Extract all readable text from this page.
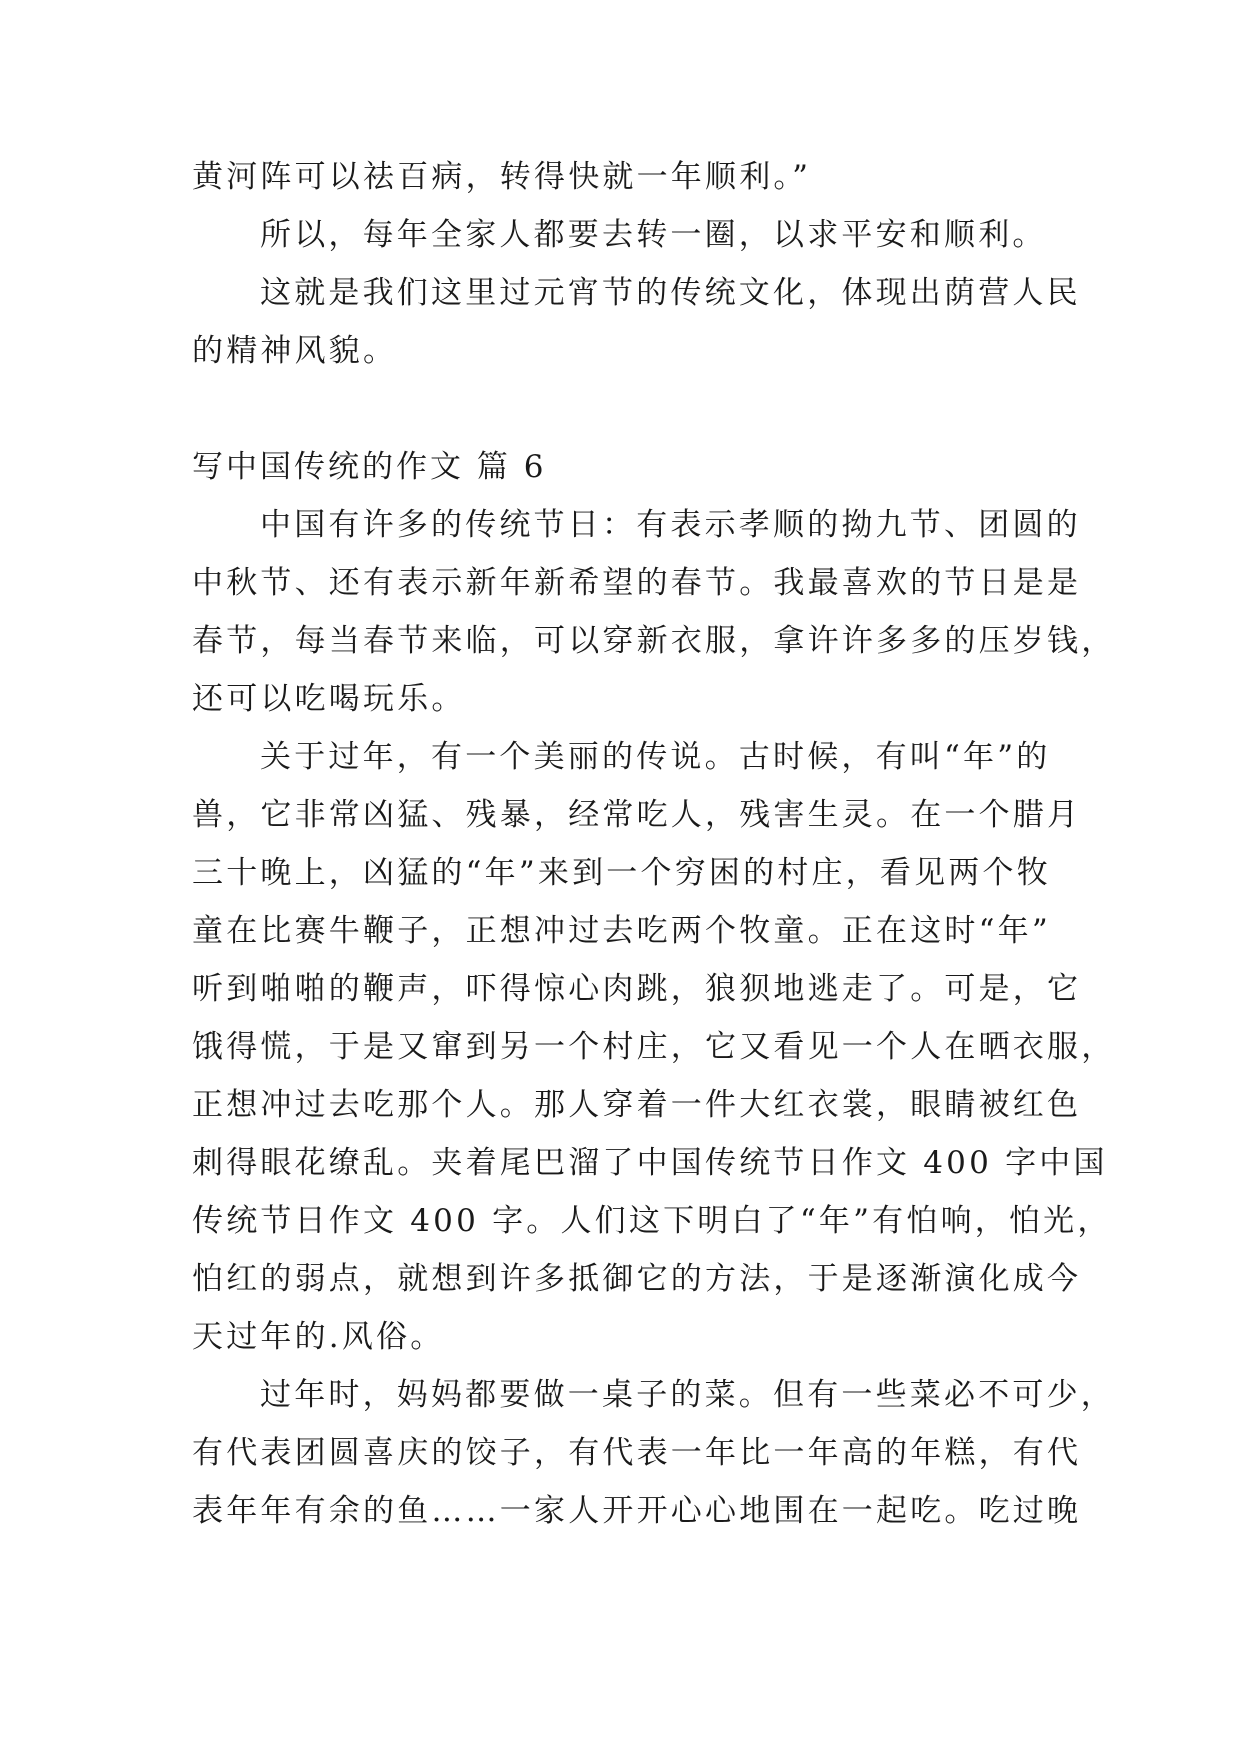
黄河阵可以祛百病，转得快就一年顺利。”
所以，每年全家人都要去转一圈，以求平安和顺利。
这就是我们这里过元宵节的传统文化，体现出荫营人民
的精神风貌。
写中国传统的作文 篇 6
中国有许多的传统节日：有表示孝顺的拗九节、团圆的
中秋节、还有表示新年新希望的春节。我最喜欢的节日是是
春节，每当春节来临，可以穿新衣服，拿许许多多的压岁钱，
还可以吃喝玩乐。
关于过年，有一个美丽的传说。古时候，有叫“年”的
兽，它非常凶猛、残暴，经常吃人，残害生灵。在一个腊月
三十晚上，凶猛的“年”来到一个穷困的村庄，看见两个牧
童在比赛牛鞭子，正想冲过去吃两个牧童。正在这时“年”
听到啪啪的鞭声，吓得惊心肉跳，狼狈地逃走了。可是，它
饿得慌，于是又窜到另一个村庄，它又看见一个人在晒衣服，
正想冲过去吃那个人。那人穿着一件大红衣裳，眼睛被红色
刺得眼花缭乱。夹着尾巴溜了中国传统节日作文 400 字中国
传统节日作文 400 字。人们这下明白了“年”有怕响，怕光，
怕红的弱点，就想到许多抵御它的方法，于是逐渐演化成今
天过年的.风俗。
过年时，妈妈都要做一桌子的菜。但有一些菜必不可少，
有代表团圆喜庆的饺子，有代表一年比一年高的年糕，有代
表年年有余的鱼……一家人开开心心地围在一起吃。吃过晚
